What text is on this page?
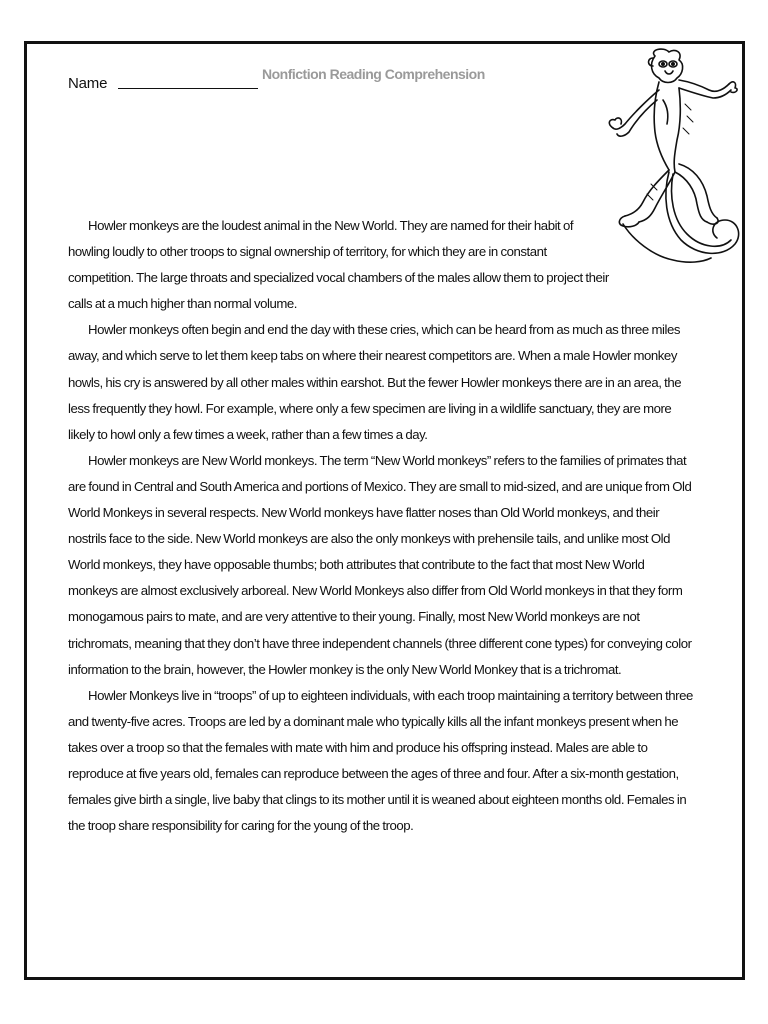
Name
Nonfiction Reading Comprehension

Howler monkeys are the loudest animal in the New World. They are named for their habit of howling loudly to other troops to signal ownership of territory, for which they are in constant competition. The large throats and specialized vocal chambers of the males allow them to project their calls at a much higher than normal volume.

Howler monkeys often begin and end the day with these cries, which can be heard from as much as three miles away, and which serve to let them keep tabs on where their nearest competitors are. When a male Howler monkey howls, his cry is answered by all other males within earshot. But the fewer Howler monkeys there are in an area, the less frequently they howl. For example, where only a few specimen are living in a wildlife sanctuary, they are more likely to howl only a few times a week, rather than a few times a day.

Howler monkeys are New World monkeys. The term “New World monkeys” refers to the families of primates that are found in Central and South America and portions of Mexico. They are small to mid-sized, and are unique from Old World Monkeys in several respects. New World monkeys have flatter noses than Old World monkeys, and their nostrils face to the side. New World monkeys are also the only monkeys with prehensile tails, and unlike most Old World monkeys, they have opposable thumbs; both attributes that contribute to the fact that most New World monkeys are almost exclusively arboreal. New World Monkeys also differ from Old World monkeys in that they form monogamous pairs to mate, and are very attentive to their young. Finally, most New World monkeys are not trichromats, meaning that they don’t have three independent channels (three different cone types) for conveying color information to the brain, however, the Howler monkey is the only New World Monkey that is a trichromat.

Howler Monkeys live in “troops” of up to eighteen individuals, with each troop maintaining a territory between three and twenty-five acres. Troops are led by a dominant male who typically kills all the infant monkeys present when he takes over a troop so that the females with mate with him and produce his offspring instead. Males are able to reproduce at five years old, females can reproduce between the ages of three and four. After a six-month gestation, females give birth a single, live baby that clings to its mother until it is weaned about eighteen months old. Females in the troop share responsibility for caring for the young of the troop.
